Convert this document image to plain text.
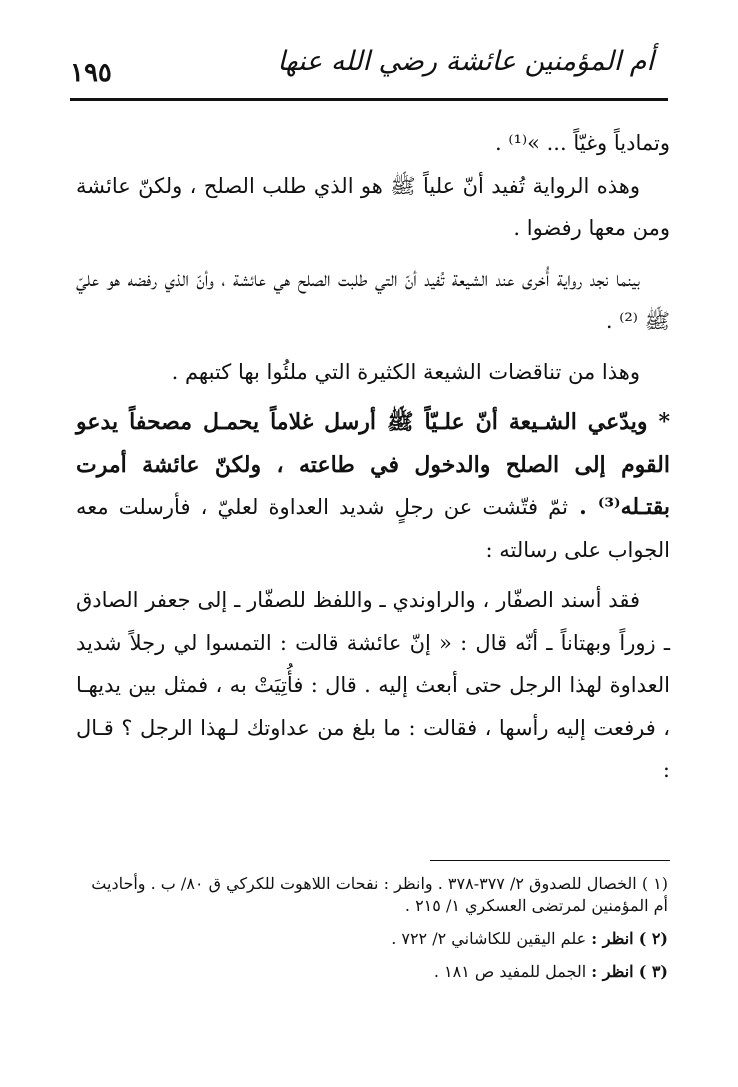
١٩٥	أم المؤمنين عائشة رضي الله عنها

وتمادياً وغيّاً ... »⁽¹⁾ .

وهذه الرواية تُفيد أنّ علياً ﷺ هو الذي طلب الصلح ، ولكنّ عائشة ومن معها رفضوا .

بينما نجد رواية أُخرى عند الشيعة تُفيد أنّ التي طلبت الصلح هي عائشة ، وأنّ الذي رفضه هو عليّ ﷺ ⁽²⁾ .

وهذا من تناقضات الشيعة الكثيرة التي ملئُوا بها كتبهم .

* ويدّعي الشـيعة أنّ علـيّاً ﷺ أرسل غلاماً يحمـل مصحفاً يدعو القوم إلى الصلح والدخول في طاعته ، ولكنّ عائشة أمرت بقتـله⁽³⁾ . ثمّ فتّشت عن رجلٍ شديد العداوة لعليّ ، فأرسلت معه الجواب على رسالته :

فقد أسند الصفّار ، والراوندي ـ واللفظ للصفّار ـ إلى جعفر الصادق ـ زوراً وبهتاناً ـ أنّه قال : « إنّ عائشة قالت : التمسوا لي رجلاً شديد العداوة لهذا الرجل حتى أبعث إليه . قال : فأُتِيَتْ به ، فمثل بين يديهـا ، فرفعت إليه رأسها ، فقالت : ما بلغ من عداوتك لـهذا الرجل ؟ قـال :

(١ ) الخصال للصدوق ٢/ ٣٧٧-٣٧٨ . وانظر : نفحات اللاهوت للكركي ق ٨٠/ ب . وأحاديث أم المؤمنين لمرتضى العسكري ١/ ٢١٥ .

(٢ ) انظر : علم اليقين للكاشاني ٢/ ٧٢٢ .

(٣ ) انظر : الجمل للمفيد ص ١٨١ .
